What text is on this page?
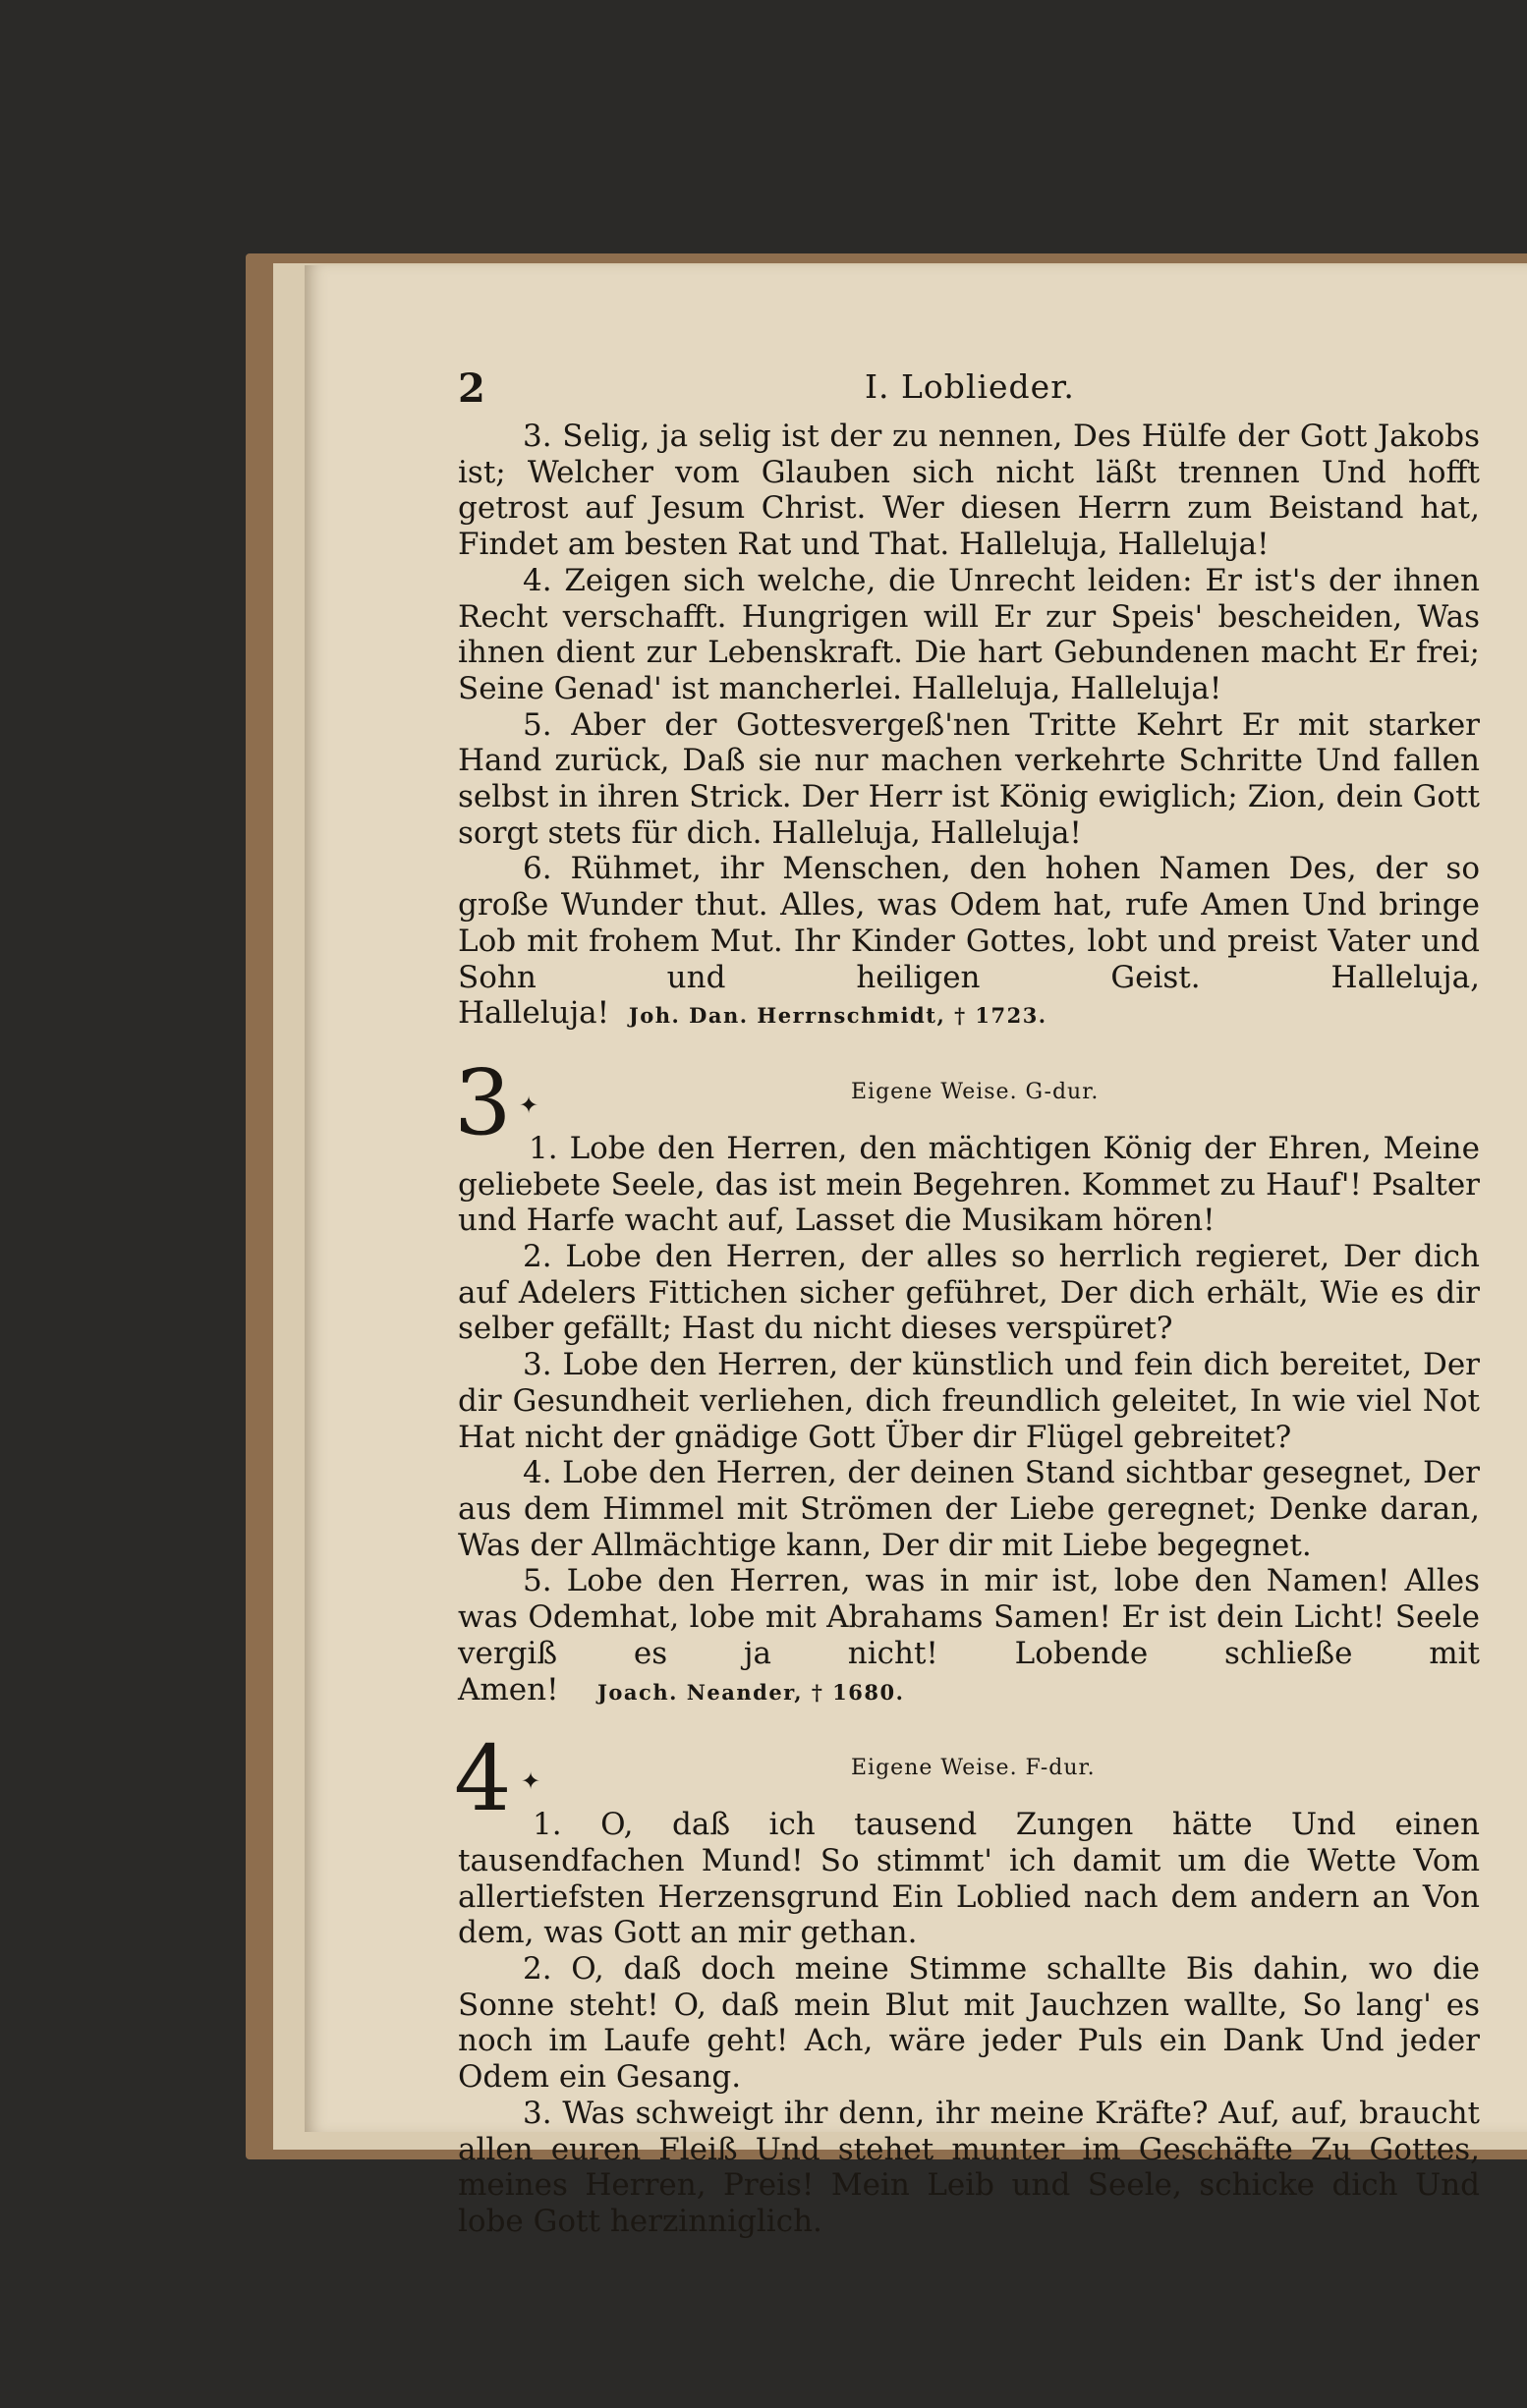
2	I. Loblieder.

3. Selig, ja selig ist der zu nennen, Des Hülfe der Gott Jakobs ist; Welcher vom Glauben sich nicht läßt trennen Und hofft getrost auf Jesum Christ. Wer diesen Herrn zum Beistand hat, Findet am besten Rat und That. Halleluja, Halleluja!

4. Zeigen sich welche, die Unrecht leiden: Er ist's der ihnen Recht verschafft. Hungrigen will Er zur Speis' bescheiden, Was ihnen dient zur Lebenskraft. Die hart Gebundenen macht Er frei; Seine Genad' ist mancherlei. Halleluja, Halleluja!

5. Aber der Gottesvergeß'nen Tritte Kehrt Er mit starker Hand zurück, Daß sie nur machen verkehrte Schritte Und fallen selbst in ihren Strick. Der Herr ist König ewiglich; Zion, dein Gott sorgt stets für dich. Halleluja, Halleluja!

6. Rühmet, ihr Menschen, den hohen Namen Des, der so große Wunder thut. Alles, was Odem hat, rufe Amen Und bringe Lob mit frohem Mut. Ihr Kinder Gottes, lobt und preist Vater und Sohn und heiligen Geist. Halleluja, Halleluja! Joh. Dan. Herrnschmidt, † 1723.

3 ✦	Eigene Weise. G-dur.

1. Lobe den Herren, den mächtigen König der Ehren, Meine geliebete Seele, das ist mein Begehren. Kommet zu Hauf'! Psalter und Harfe wacht auf, Lasset die Musikam hören!

2. Lobe den Herren, der alles so herrlich regieret, Der dich auf Adelers Fittichen sicher geführet, Der dich erhält, Wie es dir selber gefällt; Hast du nicht dieses verspüret?

3. Lobe den Herren, der künstlich und fein dich bereitet, Der dir Gesundheit verliehen, dich freundlich geleitet, In wie viel Not Hat nicht der gnädige Gott Über dir Flügel gebreitet?

4. Lobe den Herren, der deinen Stand sichtbar gesegnet, Der aus dem Himmel mit Strömen der Liebe geregnet; Denke daran, Was der Allmächtige kann, Der dir mit Liebe begegnet.

5. Lobe den Herren, was in mir ist, lobe den Namen! Alles was Odemhat, lobe mit Abrahams Samen! Er ist dein Licht! Seele vergiß es ja nicht! Lobende schließe mit Amen! Joach. Neander, † 1680.

4 ✦	Eigene Weise. F-dur.

1. O, daß ich tausend Zungen hätte Und einen tausendfachen Mund! So stimmt' ich damit um die Wette Vom allertiefsten Herzensgrund Ein Loblied nach dem andern an Von dem, was Gott an mir gethan.

2. O, daß doch meine Stimme schallte Bis dahin, wo die Sonne steht! O, daß mein Blut mit Jauchzen wallte, So lang' es noch im Laufe geht! Ach, wäre jeder Puls ein Dank Und jeder Odem ein Gesang.

3. Was schweigt ihr denn, ihr meine Kräfte? Auf, auf, braucht allen euren Fleiß Und stehet munter im Geschäfte Zu Gottes, meines Herren, Preis! Mein Leib und Seele, schicke dich Und lobe Gott herzinniglich.
